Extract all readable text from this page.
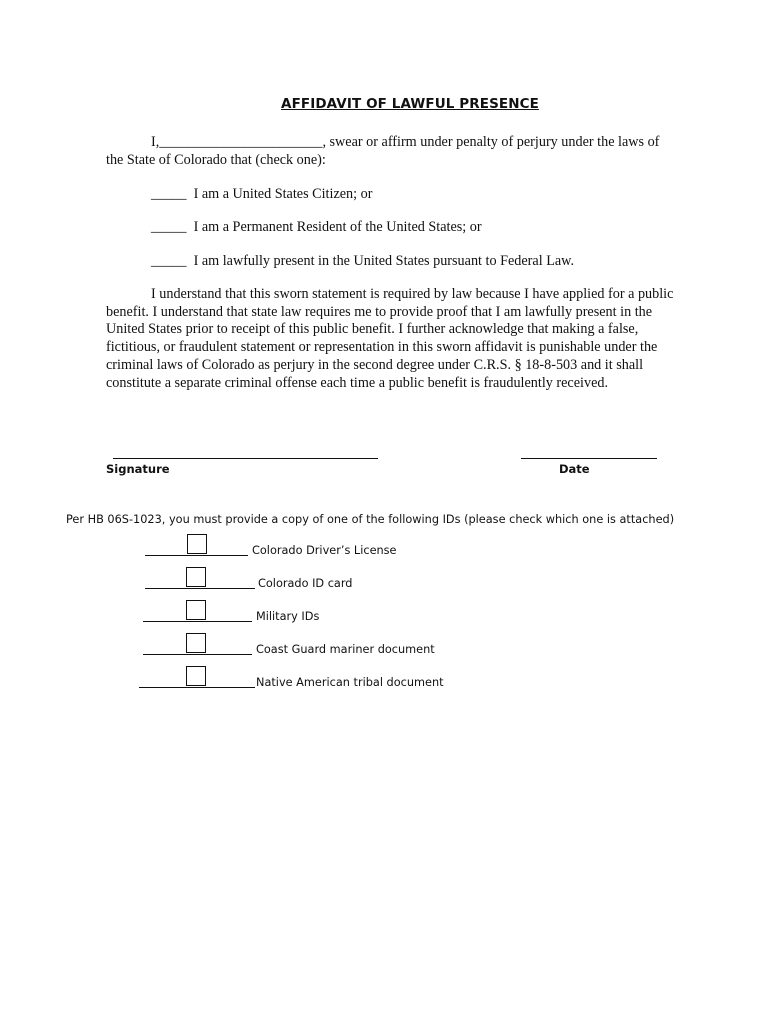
AFFIDAVIT OF LAWFUL PRESENCE
I,_______________________, swear or affirm under penalty of perjury under the laws of
the State of Colorado that (check one):
_____ I am a United States Citizen; or
_____ I am a Permanent Resident of the United States; or
_____ I am lawfully present in the United States pursuant to Federal Law.
I understand that this sworn statement is required by law because I have applied for a public
benefit. I understand that state law requires me to provide proof that I am lawfully present in the
United States prior to receipt of this public benefit. I further acknowledge that making a false,
fictitious, or fraudulent statement or representation in this sworn affidavit is punishable under the
criminal laws of Colorado as perjury in the second degree under C.R.S. § 18-8-503 and it shall
constitute a separate criminal offense each time a public benefit is fraudulently received.
Signature	Date
Per HB 06S-1023, you must provide a copy of one of the following IDs (please check which one is attached)
Colorado Driver’s License
Colorado ID card
Military IDs
Coast Guard mariner document
Native American tribal document
